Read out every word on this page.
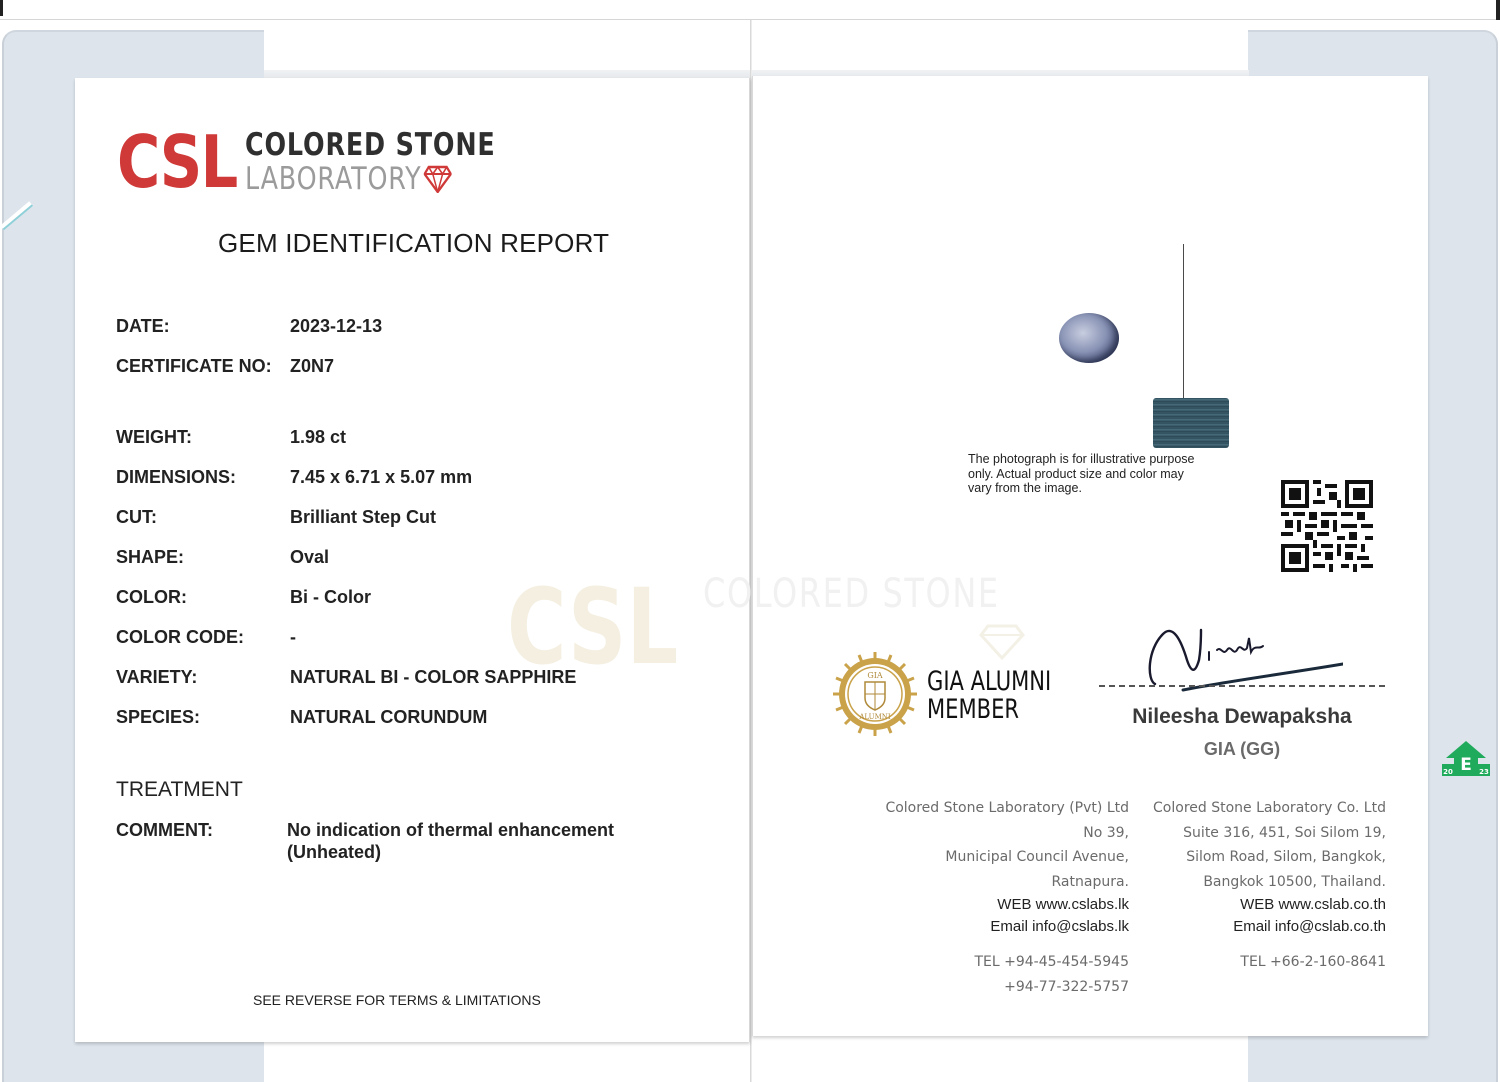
CSL
CSL COLORED STONE
LABORATORY
GEM IDENTIFICATION REPORT
DATE:	2023-12-13
CERTIFICATE NO: Z0N7
WEIGHT:	1.98 ct
DIMENSIONS:	7.45 x 6.71 x 5.07 mm
CUT:	Brilliant Step Cut
SHAPE:	Oval
COLOR:	Bi - Color
COLOR CODE:	-
VARIETY:	NATURAL BI - COLOR SAPPHIRE
SPECIES:	NATURAL CORUNDUM
TREATMENT
COMMENT:	No indication of thermal enhancement
(Unheated)
SEE REVERSE FOR TERMS & LIMITATIONS
COLORED STONE
The photograph is for illustrative purpose
only. Actual product size and color may
vary from the image.
GIA
ALUMNI
GIA ALUMNI
MEMBER	Nileesha Dewapaksha
GIA (GG)
Colored Stone Laboratory (Pvt) Ltd
No 39,
Municipal Council Avenue,
Ratnapura.
WEB www.cslabs.lk
Email info@cslabs.lk
TEL +94-45-454-5945
+94-77-322-5757
Colored Stone Laboratory Co. Ltd
Suite 316, 451, Soi Silom 19,
Silom Road, Silom, Bangkok,
Bangkok 10500, Thailand.
WEB www.cslab.co.th
Email info@cslab.co.th
TEL +66-2-160-8641
E
20	23
